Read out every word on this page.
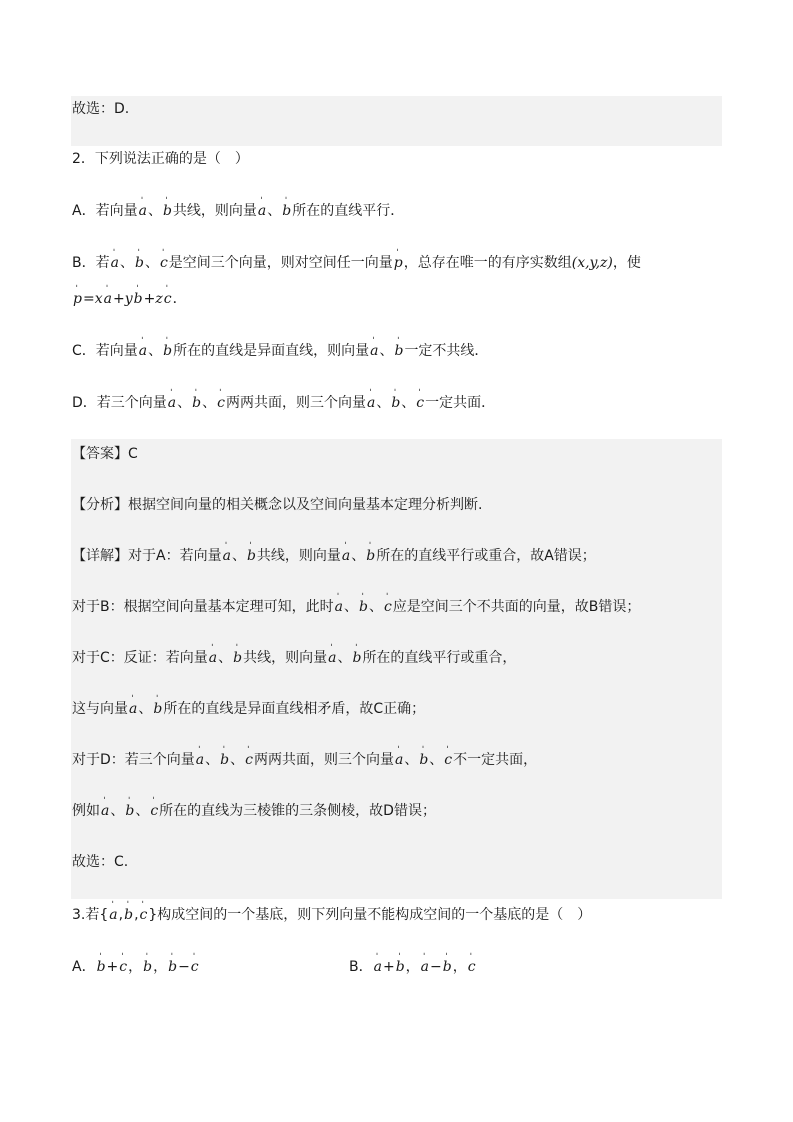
故选：D.
2．下列说法正确的是（　）
A．若向量ˈ a、ˈ b共线，则向量ˈ a、ˈ b所在的直线平行．
B．若ˈ a、ˈ b、ˈ c是空间三个向量，则对空间任一向量ˈ p，总存在唯一的有序实数组(x,y,z)，使
ˈ p=xˈ a+yˈ b+zˈ c．
C．若向量ˈ a、ˈ b所在的直线是异面直线，则向量ˈ a、ˈ b一定不共线．
D．若三个向量ˈ a、ˈ b、ˈ c两两共面，则三个向量ˈ a、ˈ b、ˈ c一定共面．
【答案】C
【分析】根据空间向量的相关概念以及空间向量基本定理分析判断.
【详解】对于A：若向量ˈ a、ˈ b共线，则向量ˈ a、ˈ b所在的直线平行或重合，故A错误；
对于B：根据空间向量基本定理可知，此时ˈ a、ˈ b、ˈ c应是空间三个不共面的向量，故B错误；
对于C：反证：若向量ˈ a、ˈ b共线，则向量ˈ a、ˈ b所在的直线平行或重合，
这与向量ˈ a、ˈ b所在的直线是异面直线相矛盾，故C正确；
对于D：若三个向量ˈ a、ˈ b、ˈ c两两共面，则三个向量ˈ a、ˈ b、ˈ c不一定共面，
例如ˈ a、ˈ b、ˈ c所在的直线为三棱锥的三条侧棱，故D错误；
故选：C.
3.若{ˈ a,ˈ b,ˈ c}构成空间的一个基底，则下列向量不能构成空间的一个基底的是（　）
A．ˈ b+ˈ c，ˈ b，ˈ b−ˈ c	B．ˈ a+ˈ b，ˈ a−ˈ b，ˈ c
